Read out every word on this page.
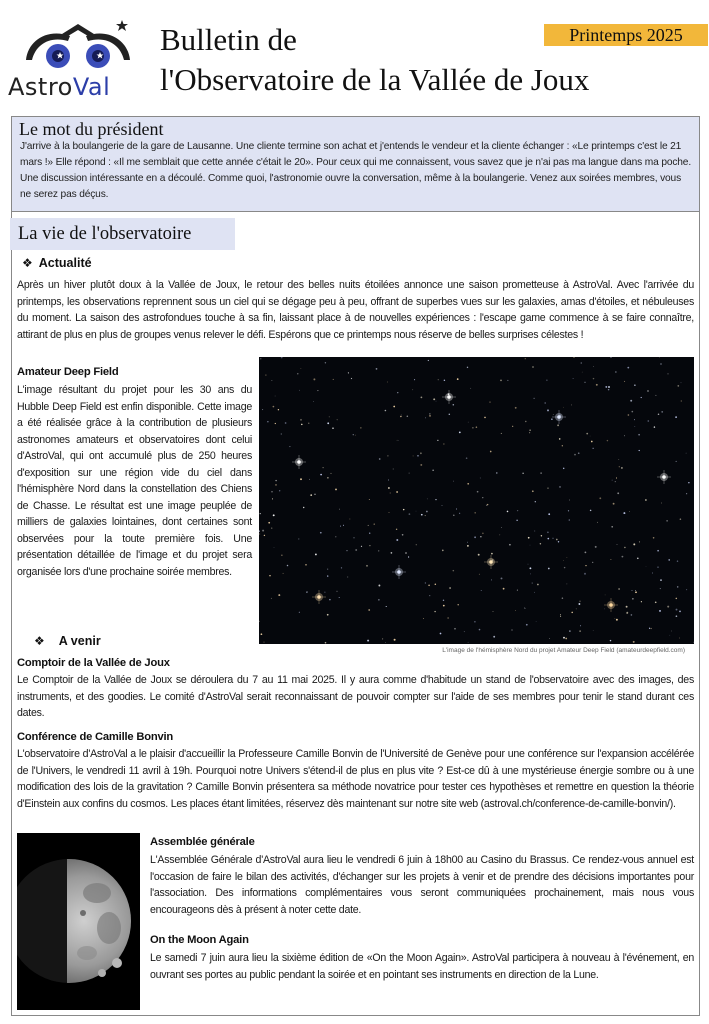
AstroVal
Bulletin de
l'Observatoire de la Vallée de Joux
Printemps 2025
Le mot du président

J'arrive à la boulangerie de la gare de Lausanne. Une cliente termine son achat et j'entends le vendeur et la cliente échanger : «Le printemps c'est le 21 mars !» Elle répond : «Il me semblait que cette année c'était le 20». Pour ceux qui me connaissent, vous savez que je n'ai pas ma langue dans ma poche. Une discussion intéressante en a découlé. Comme quoi, l'astronomie ouvre la conversation, même à la boulangerie. Venez aux soirées membres, vous ne serez pas déçus.

La vie de l'observatoire
❖ Actualité
Après un hiver plutôt doux à la Vallée de Joux, le retour des belles nuits étoilées annonce une saison prometteuse à AstroVal. Avec l'arrivée du printemps, les observations reprennent sous un ciel qui se dégage peu à peu, offrant de superbes vues sur les galaxies, amas d'étoiles, et nébuleuses du moment. La saison des astrofondues touche à sa fin, laissant place à de nouvelles expériences : l'escape game commence à se faire connaître, attirant de plus en plus de groupes venus relever le défi. Espérons que ce printemps nous réserve de belles surprises célestes !
Amateur Deep Field
L'image résultant du projet pour les 30 ans du Hubble Deep Field est enfin disponible. Cette image a été réalisée grâce à la contribution de plusieurs astronomes amateurs et observatoires dont celui d'AstroVal, qui ont accumulé plus de 250 heures d'exposition sur une région vide du ciel dans l'hémisphère Nord dans la constellation des Chiens de Chasse. Le résultat est une image peuplée de milliers de galaxies lointaines, dont certaines sont observées pour la toute première fois. Une présentation détaillée de l'image et du projet sera organisée lors d'une prochaine soirée membres.
L'image de l'hémisphère Nord du projet Amateur Deep Field (amateurdeepfield.com)
❖ A venir
Comptoir de la Vallée de Joux
Le Comptoir de la Vallée de Joux se déroulera du 7 au 11 mai 2025. Il y aura comme d'habitude un stand de l'observatoire avec des images, des instruments, et des goodies. Le comité d'AstroVal serait reconnaissant de pouvoir compter sur l'aide de ses membres pour tenir le stand durant ces dates.
Conférence de Camille Bonvin
L'observatoire d'AstroVal a le plaisir d'accueillir la Professeure Camille Bonvin de l'Université de Genève pour une conférence sur l'expansion accélérée de l'Univers, le vendredi 11 avril à 19h. Pourquoi notre Univers s'étend-il de plus en plus vite ? Est-ce dû à une mystérieuse énergie sombre ou à une modification des lois de la gravitation ? Camille Bonvin présentera sa méthode novatrice pour tester ces hypothèses et remettre en question la théorie d'Einstein aux confins du cosmos. Les places étant limitées, réservez dès maintenant sur notre site web (astroval.ch/conference-de-camille-bonvin/).
Assemblée générale
L'Assemblée Générale d'AstroVal aura lieu le vendredi 6 juin à 18h00 au Casino du Brassus. Ce rendez-vous annuel est l'occasion de faire le bilan des activités, d'échanger sur les projets à venir et de prendre des décisions importantes pour l'association. Des informations complémentaires vous seront communiquées prochainement, mais nous vous encourageons dès à présent à noter cette date.
On the Moon Again
Le samedi 7 juin aura lieu la sixième édition de «On the Moon Again». AstroVal participera à nouveau à l'événement, en ouvrant ses portes au public pendant la soirée et en pointant ses instruments en direction de la Lune.
